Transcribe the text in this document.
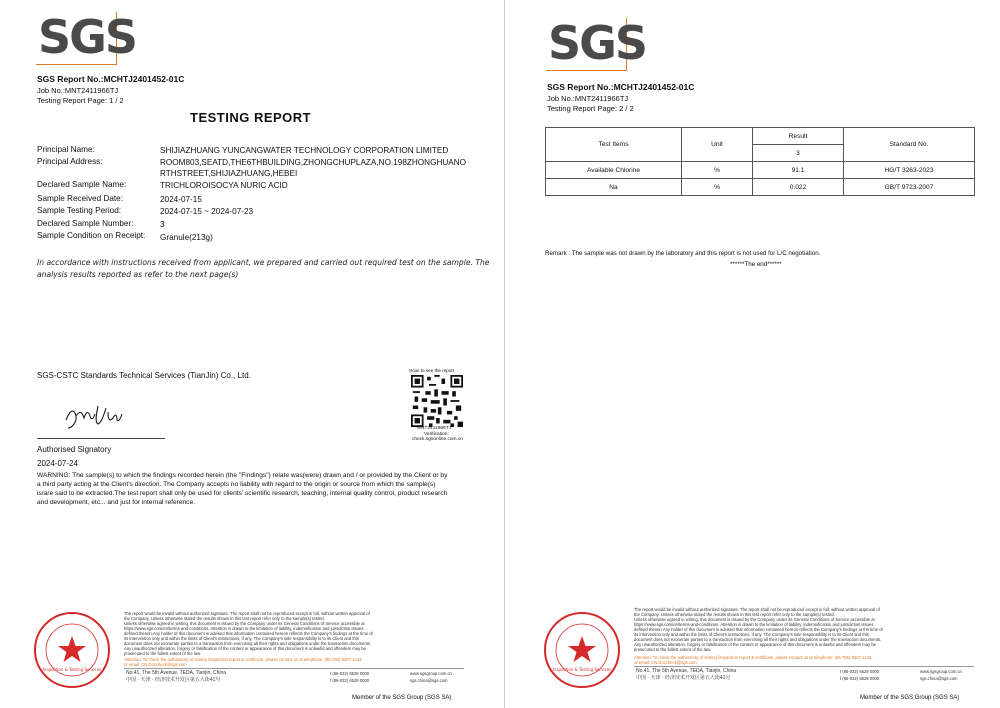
SGS
SGS Report No.:MCHTJ2401452-01C
Job No.:MNT2411966TJ
Testing Report Page: 1 / 2
TESTING REPORT
Principal Name:	SHIJIAZHUANG YUNCANGWATER TECHNOLOGY CORPORATION LIMITED
Principal Address:	ROOM803,SEATD,THE6THBUILDING,ZHONGCHUPLAZA,NO.198ZHONGHUANO
RTHSTREET,SHIJIAZHUANG,HEBEI
Declared Sample Name:	TRICHLOROISOCYA NURIC ACID
Sample Received Date:	2024-07-15
Sample Testing Period:	2024-07-15 ~ 2024-07-23
Declared Sample Number:	3
Sample Condition on Receipt: Granule(213g)
In accordance with instructions received from applicant, we prepared and carried out required test on the sample. The
analysis results reported as refer to the next page(s)
SGS-CSTC Standards Technical Services (TianJin) Co., Ltd.
Scan to see the report
MNT2411966TJ
Verification:
check.sgsonline.com.cn
Authorised Signatory
2024-07-24
WARNING: The sample(s) to which the findings recorded herein (the "Findings") relate was(were) drawn and / or provided by the Client or by
a third party acting at the Client's direction. The Company accepts no liability with regard to the origin or source from which the sample(s)
is/are said to be extracted.The test report shall only be used for clients' scientific research, teaching, internal quality control, product research
and development, etc... and just for internal reference.
Inspection & Testing Services
The report would be invalid without authorized signature. The report shall not be reproduced except in full, without written approval of
the Company. Unless otherwise stated the results shown in this test report refer only to the sample(s) tested.
Unless otherwise agreed in writing, this document is issued by the Company under its General Conditions of Service accessible at
https://www.sgs.com/en/terms-and-conditions. Attention is drawn to the limitation of liability, indemnification and jurisdiction issues
defined therein.Any holder of this document is advised that information contained hereon reflects the Company's findings at the time of
its intervention only and within the limits of Client's instructions, if any. The Company's sole responsibility is to its Client and this
document does not exonerate parties to a transaction from exercising all their rights and obligations under the transaction documents.
Any unauthorized alteration, forgery or falsification of the content or appearance of this document is unlawful and offenders may be
prosecuted to the fullest extent of the law.
Attention: To check the authenticity of testing /inspection report & certificate, please contact us at telephone: (86-755) 8307 1443,
or email: CN.Doccheck@sgs.com
No.41, The 5th Avenue, TEDA, Tianjin, China
中国 · 天津 · 经济技术开发区第五大街41号
t (86-022) 6528 0000
f (86-022) 6528 0000
www.sgsgroup.com.cn
sgs.china@sgs.com
Member of the SGS Group (SGS SA)
SGS
SGS Report No.:MCHTJ2401452-01C
Job No.:MNT2411966TJ
Testing Report Page: 2 / 2
Test Items	Unit	Result	Standard No.
		3	
Available Chlorine	%	91.1	HG/T 3263-2023
Na	%	0.022	GB/T 9723-2007
Remark : The sample was not drawn by the laboratory and this report is not used for L/C negotiation.
******The end******
Inspection & Testing Services
The report would be invalid without authorized signature. The report shall not be reproduced except in full, without written approval of
the Company. Unless otherwise stated the results shown in this test report refer only to the sample(s) tested.
Unless otherwise agreed in writing, this document is issued by the Company under its General Conditions of Service accessible at
https://www.sgs.com/en/terms-and-conditions. Attention is drawn to the limitation of liability, indemnification and jurisdiction issues
defined therein.Any holder of this document is advised that information contained hereon reflects the Company's findings at the time of
its intervention only and within the limits of Client's instructions, if any. The Company's sole responsibility is to its Client and this
document does not exonerate parties to a transaction from exercising all their rights and obligations under the transaction documents.
Any unauthorized alteration, forgery or falsification of the content or appearance of this document is unlawful and offenders may be
prosecuted to the fullest extent of the law.
Attention: To check the authenticity of testing /inspection report & certificate, please contact us at telephone: (86-755) 8307 1443,
or email: CN.Doccheck@sgs.com
No.41, The 5th Avenue, TEDA, Tianjin, China
中国 · 天津 · 经济技术开发区第五大街41号
t (86-022) 6528 0000
f (86-022) 6528 0000
www.sgsgroup.com.cn
sgs.china@sgs.com
Member of the SGS Group (SGS SA)
